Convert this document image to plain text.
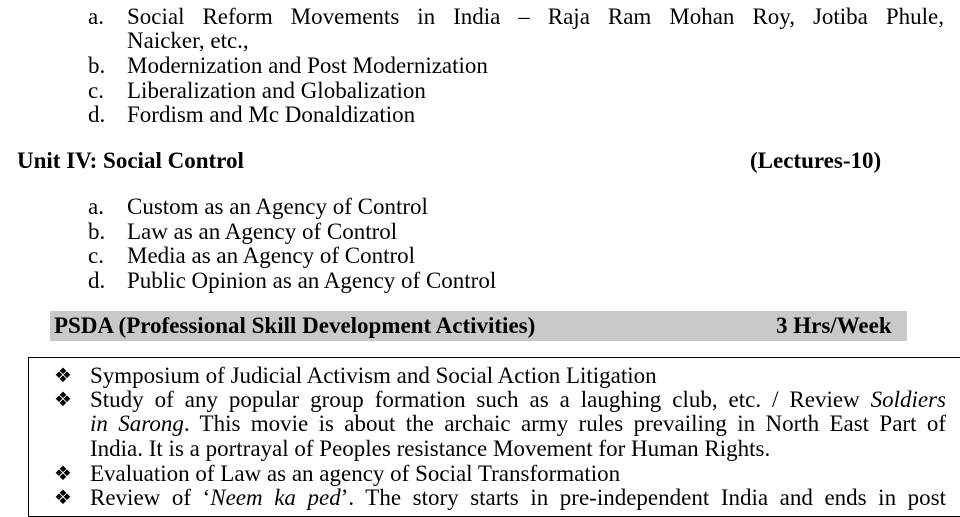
a. Social Reform Movements in India – Raja Ram Mohan Roy, Jotiba Phule,
Naicker, etc.,
b. Modernization and Post Modernization
c. Liberalization and Globalization
d. Fordism and Mc Donaldization
Unit IV: Social Control	(Lectures-10)
a. Custom as an Agency of Control
b. Law as an Agency of Control
c. Media as an Agency of Control
d. Public Opinion as an Agency of Control
PSDA (Professional Skill Development Activities)	3 Hrs/Week
❖ Symposium of Judicial Activism and Social Action Litigation
❖ Study of any popular group formation such as a laughing club, etc. / Review Soldiers
in Sarong. This movie is about the archaic army rules prevailing in North East Part of
India. It is a portrayal of Peoples resistance Movement for Human Rights.
❖ Evaluation of Law as an agency of Social Transformation
❖ Review of ‘Neem ka ped’. The story starts in pre-independent India and ends in post
